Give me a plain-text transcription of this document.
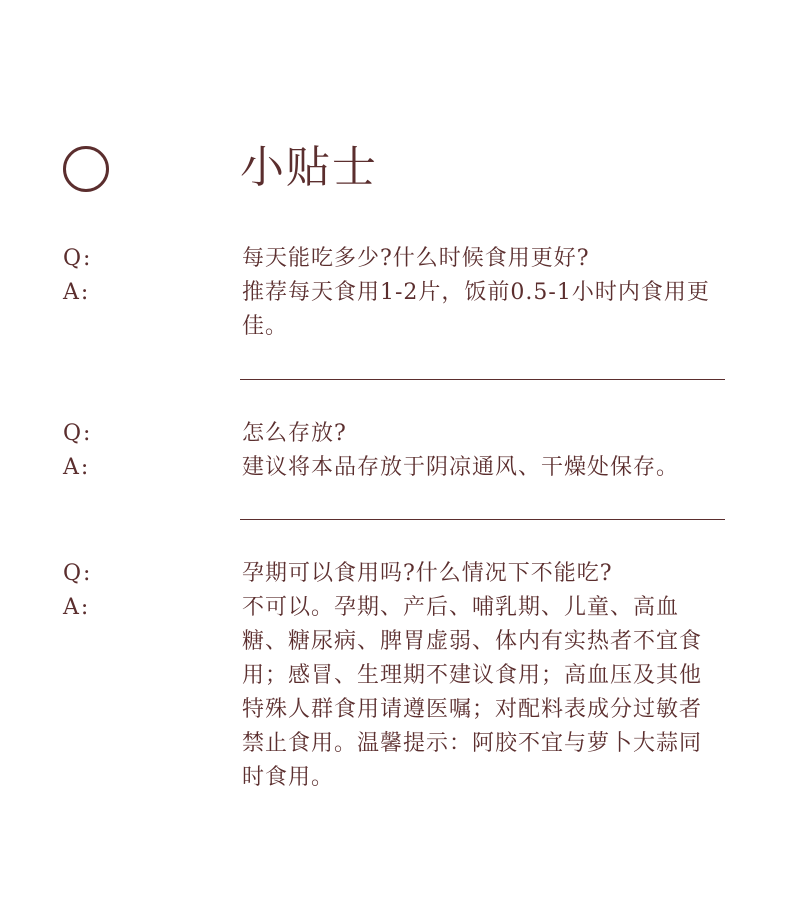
小贴士
Q:	每天能吃多少?什么时候食用更好?
A:	推荐每天食用1-2片，饭前0.5-1小时内食用更佳。
Q:	怎么存放?
A:	建议将本品存放于阴凉通风、干燥处保存。
Q:	孕期可以食用吗?什么情况下不能吃?
A:	不可以。孕期、产后、哺乳期、儿童、高血糖、糖尿病、脾胃虚弱、体内有实热者不宜食用；感冒、生理期不建议食用；高血压及其他特殊人群食用请遵医嘱；对配料表成分过敏者禁止食用。温馨提示：阿胶不宜与萝卜大蒜同时食用。
